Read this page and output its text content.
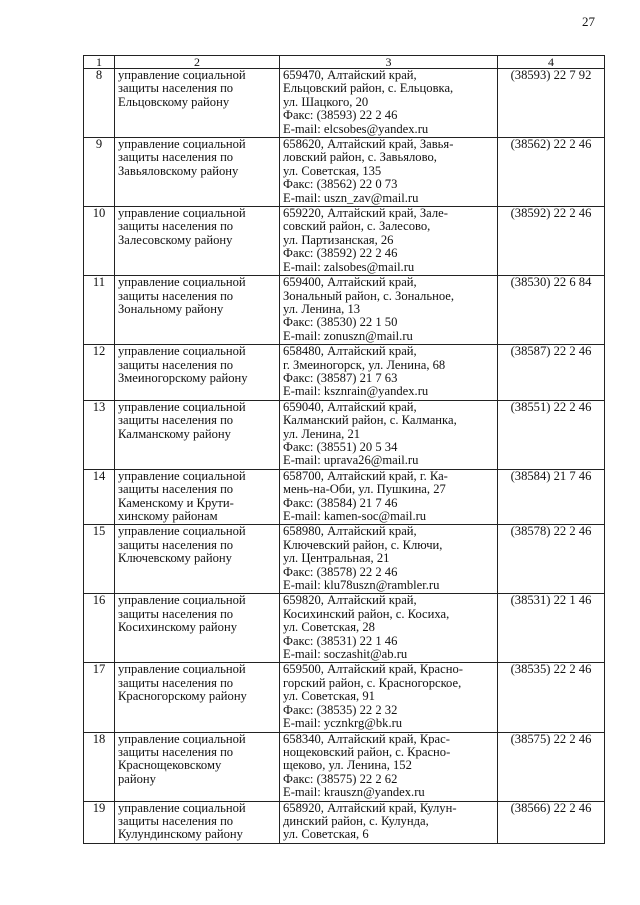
27
1	2	3	4
8	управление социальной
защиты населения по
Ельцовскому району	659470, Алтайский край,
Ельцовский район, с. Ельцовка,
ул. Шацкого, 20
Факс: (38593) 22 2 46
E-mail: elcsobes@yandex.ru	(38593) 22 7 92
9	управление социальной
защиты населения по
Завьяловскому району	658620, Алтайский край, Завья-
ловский район, с. Завьялово,
ул. Советская, 135
Факс: (38562) 22 0 73
E-mail: uszn_zav@mail.ru	(38562) 22 2 46
10	управление социальной
защиты населения по
Залесовскому району	659220, Алтайский край, Зале-
совский район, с. Залесово,
ул. Партизанская, 26
Факс: (38592) 22 2 46
E-mail: zalsobes@mail.ru	(38592) 22 2 46
11	управление социальной
защиты населения по
Зональному району	659400, Алтайский край,
Зональный район, с. Зональное,
ул. Ленина, 13
Факс: (38530) 22 1 50
E-mail: zonuszn@mail.ru	(38530) 22 6 84
12	управление социальной
защиты населения по
Змеиногорскому району	658480, Алтайский край,
г. Змеиногорск, ул. Ленина, 68
Факс: (38587) 21 7 63
E-mail: ksznrain@yandex.ru	(38587) 22 2 46
13	управление социальной
защиты населения по
Калманскому району	659040, Алтайский край,
Калманский район, с. Калманка,
ул. Ленина, 21
Факс: (38551) 20 5 34
E-mail: uprava26@mail.ru	(38551) 22 2 46
14	управление социальной
защиты населения по
Каменскому и Крути-
хинскому районам	658700, Алтайский край, г. Ка-
мень-на-Оби, ул. Пушкина, 27
Факс: (38584) 21 7 46
E-mail: kamen-soc@mail.ru	(38584) 21 7 46
15	управление социальной
защиты населения по
Ключевскому району	658980, Алтайский край,
Ключевский район, с. Ключи,
ул. Центральная, 21
Факс: (38578) 22 2 46
E-mail: klu78uszn@rambler.ru	(38578) 22 2 46
16	управление социальной
защиты населения по
Косихинскому району	659820, Алтайский край,
Косихинский район, с. Косиха,
ул. Советская, 28
Факс: (38531) 22 1 46
E-mail: soczashit@ab.ru	(38531) 22 1 46
17	управление социальной
защиты населения по
Красногорскому району	659500, Алтайский край, Красно-
горский район, с. Красногорское,
ул. Советская, 91
Факс: (38535) 22 2 32
E-mail: ycznkrg@bk.ru	(38535) 22 2 46
18	управление социальной
защиты населения по
Краснощековскому
району	658340, Алтайский край, Крас-
нощековский район, с. Красно-
щеково, ул. Ленина, 152
Факс: (38575) 22 2 62
E-mail: krauszn@yandex.ru	(38575) 22 2 46
19	управление социальной
защиты населения по
Кулундинскому району	658920, Алтайский край, Кулун-
динский район, с. Кулунда,
ул. Советская, 6	(38566) 22 2 46
